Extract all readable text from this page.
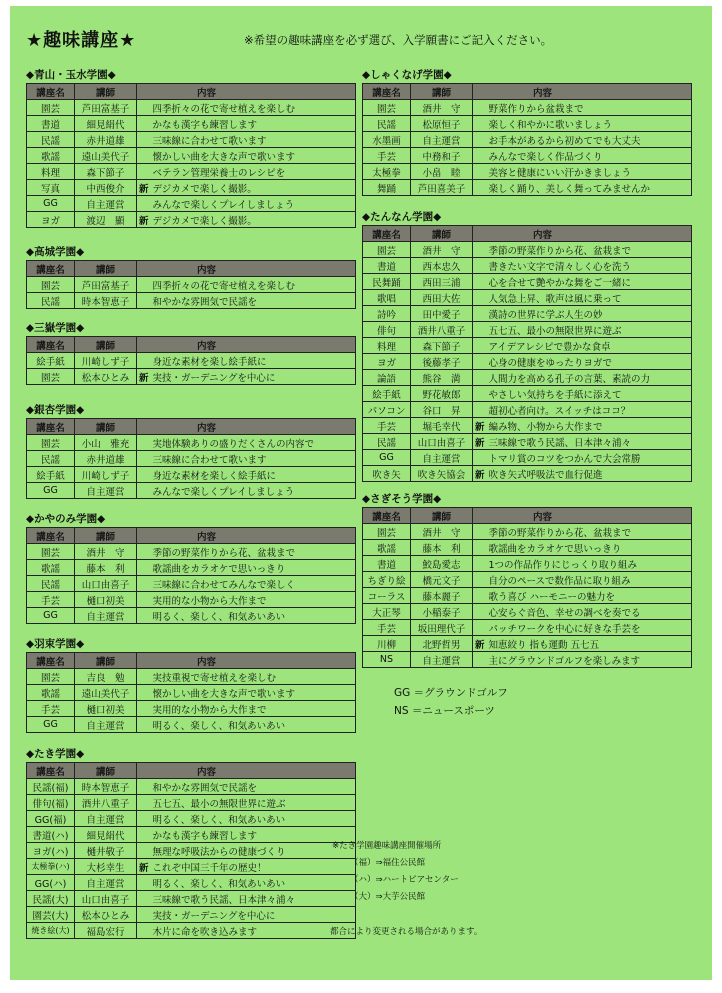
★趣味講座★	※希望の趣味講座を必ず選び、入学願書にご記入ください。
◆青山・玉水学園◆
講座名	講師	内容	
園芸	芦田富基子		四季折々の花で寄せ植えを楽しむ
書道	細見絹代		かなも漢字も練習します
民謡	赤井道雄		三味線に合わせて歌います
歌謡	遠山美代子		懐かしい曲を大きな声で歌います
料理	森下節子		ベテラン管理栄養士のレシピを
写真	中西俊介	新	デジカメで楽しく撮影。
GG	自主運営		みんなで楽しくプレイしましょう
ヨガ	渡辺　顯	新	デジカメで楽しく撮影。
◆高城学園◆
講座名	講師	内容	
園芸	芦田富基子		四季折々の花で寄せ植えを楽しむ
民謡	時本智恵子		和やかな雰囲気で民謡を
◆三嶽学園◆
講座名	講師	内容	
絵手紙	川崎しず子		身近な素材を楽し絵手紙に
園芸	松本ひとみ	新	実技・ガーデニングを中心に
◆銀杏学園◆
講座名	講師	内容	
園芸	小山　雅充		実地体験ありの盛りだくさんの内容で
民謡	赤井道雄		三味線に合わせて歌います
絵手紙	川崎しず子		身近な素材を楽しく絵手紙に
GG	自主運営		みんなで楽しくプレイしましょう
◆かやのみ学園◆
講座名	講師	内容	
園芸	酒井　守		季節の野菜作りから花、盆栽まで
歌謡	藤本　利		歌謡曲をカラオケで思いっきり
民謡	山口由喜子		三味線に合わせてみんなで楽しく
手芸	樋口初美		実用的な小物から大作まで
GG	自主運営		明るく、楽しく、和気あいあい
◆羽束学園◆
講座名	講師	内容	
園芸	吉良　勉		実技重視で寄せ植えを楽しむ
歌謡	遠山美代子		懐かしい曲を大きな声で歌います
手芸	樋口初美		実用的な小物から大作まで
GG	自主運営		明るく、楽しく、和気あいあい
◆たき学園◆
講座名	講師	内容	
民謡(福)	時本智恵子		和やかな雰囲気で民謡を
俳句(福)	酒井八重子		五七五、最小の無限世界に遊ぶ
GG(福)	自主運営		明るく、楽しく、和気あいあい
書道(ハ)	細見絹代		かなも漢字も練習します
ヨガ(ハ)	樋井敬子		無理な呼吸法からの健康づくり
太極拳(ハ)	大杉幸生	新	これぞ中国三千年の歴史！
GG(ハ)	自主運営		明るく、楽しく、和気あいあい
民謡(大)	山口由喜子		三味線で歌う民謡、日本津々浦々
園芸(大)	松本ひとみ		実技・ガーデニングを中心に
焼き絵(大)	福島宏行		木片に命を吹き込みます
◆しゃくなげ学園◆
講座名	講師	内容	
園芸	酒井　守		野菜作りから盆栽まで
民謡	松原恒子		楽しく和やかに歌いましょう
水墨画	自主運営		お手本があるから初めてでも大丈夫
手芸	中務和子		みんなで楽しく作品づくり
太極拳	小畠　睦		美容と健康にいい汗かきましょう
舞踊	芦田喜美子		楽しく踊り、美しく舞ってみませんか
◆たんなん学園◆
講座名	講師	内容	
園芸	酒井　守		季節の野菜作りから花、盆栽まで
書道	西本忠久		書きたい文字で清々しく心を洗う
民舞踊	西田三浦		心を合せて艶やかな舞をご一緒に
歌唱	西田大佐		人気急上昇、歌声は風に乗って
詩吟	田中愛子		漢詩の世界に学ぶ人生の妙
俳句	酒井八重子		五七五、最小の無限世界に遊ぶ
料理	森下節子		アイデアレシピで豊かな食卓
ヨガ	後藤孝子		心身の健康をゆったりヨガで
論語	熊谷　満		人間力を高める孔子の言葉、素読の力
絵手紙	野花敏郎		やさしい気持ちを手紙に添えて
パソコン	谷口　昇		超初心者向け。スイッチはココ？
手芸	堀毛幸代	新	編み物、小物から大作まで
民謡	山口由喜子	新	三味線で歌う民謡、日本津々浦々
GG	自主運営		トマリ賞のコツをつかんで大会常勝
吹き矢	吹き矢協会	新	吹き矢式呼吸法で血行促進
◆さぎそう学園◆
講座名	講師	内容	
園芸	酒井　守		季節の野菜作りから花、盆栽まで
歌謡	藤本　利		歌謡曲をカラオケで思いっきり
書道	鮫島愛志		1つの作品作りにじっくり取り組み
ちぎり絵	橋元文子		自分のペースで数作品に取り組み
コーラス	藤本麗子		歌う喜び ハーモニーの魅力を
大正琴	小稲泰子		心安らぐ音色、幸せの調べを奏でる
手芸	坂田理代子		パッチワークを中心に好きな手芸を
川柳	北野哲男	新	知恵絞り 指も運動 五七五
NS	自主運営		主にグラウンドゴルフを楽しみます
GG ＝グラウンドゴルフ
NS ＝ニュースポーツ
※たき学園趣味講座開催場所
（福）⇒福住公民館
（ハ）⇒ハートピアセンター
（大）⇒大芋公民館
都合により変更される場合があります。
